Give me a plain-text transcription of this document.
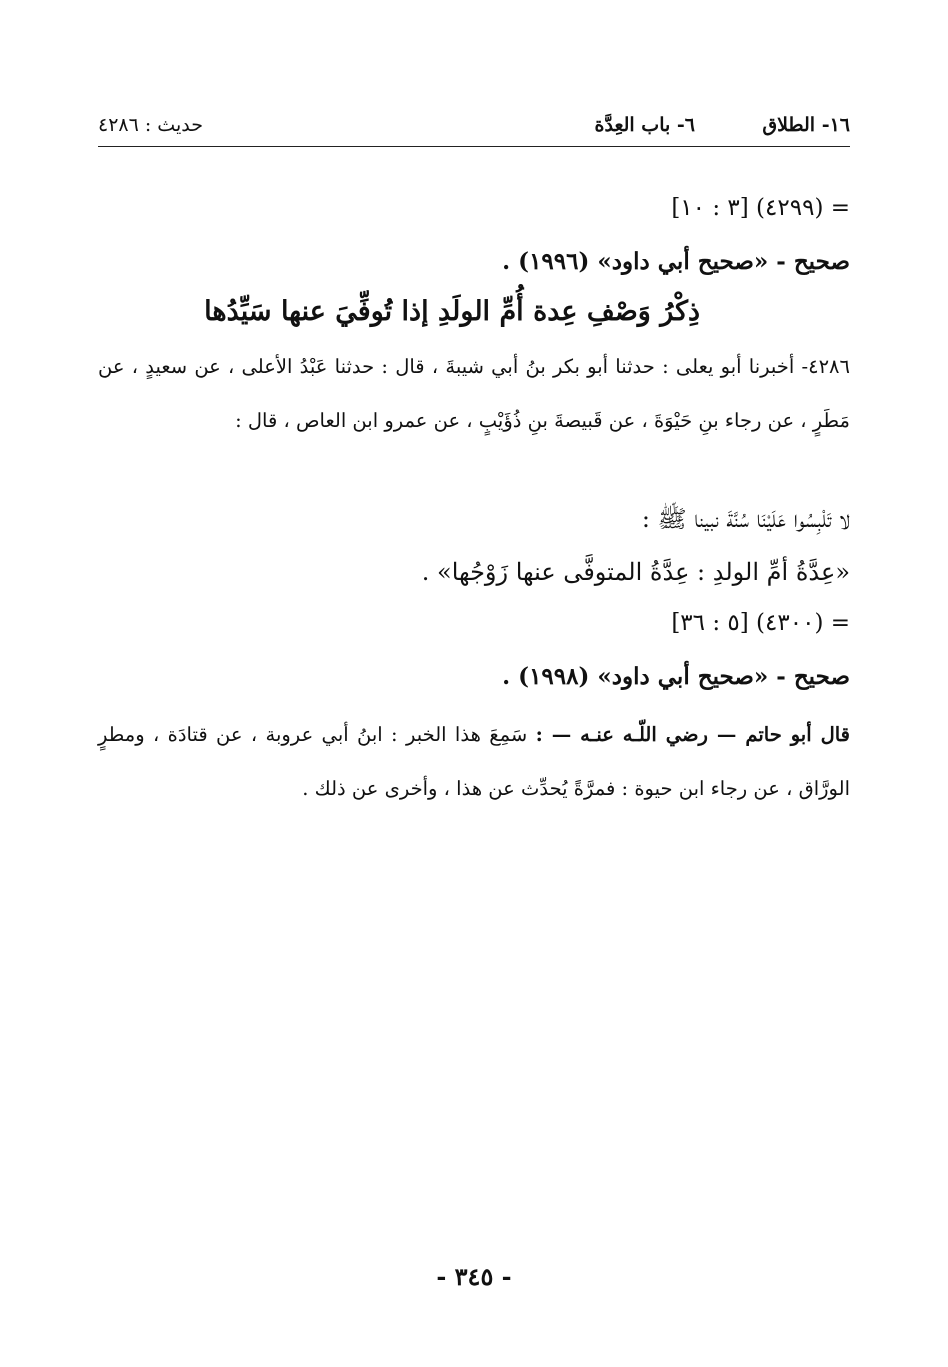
١٦- الطلاق
٦- باب العِدَّة
حديث : ٤٢٨٦
= (٤٢٩٩) [٣ : ١٠]
صحيح - «صحيح أبي داود» (١٩٩٦) .
ذِكْرُ وَصْفِ عِدة أُمِّ الولَدِ إذا تُوفِّيَ عنها سَيِّدُها
٤٢٨٦- أخبرنا أبو يعلى : حدثنا أبو بكر بنُ أبي شيبةَ ، قال : حدثنا عَبْدُ الأعلى ، عن سعيدٍ ، عن مَطَرٍ ، عن رجاء بنِ حَيْوَةَ ، عن قَبيصةَ بنِ ذُؤَيْبٍ ، عن عمرو ابن العاص ، قال :
لا تَلْبِسُوا عَلَيْنَا سُنَّةَ نبينا ﷺ :
«عِدَّةُ أمِّ الولدِ : عِدَّةُ المتوفَّى عنها زَوْجُها» .
= (٤٣٠٠) [٥ : ٣٦]
صحيح - «صحيح أبي داود» (١٩٩٨) .
قال أبو حاتم — رضي اللّـه عنـه — : سَمِعَ هذا الخبر : ابنُ أبي عروبة ، عن قتادَة ، ومطرٍ الورَّاق ، عن رجاء ابن حيوة : فمرَّةً يُحدِّث عن هذا ، وأخرى عن ذلك .
- ٣٤٥ -
